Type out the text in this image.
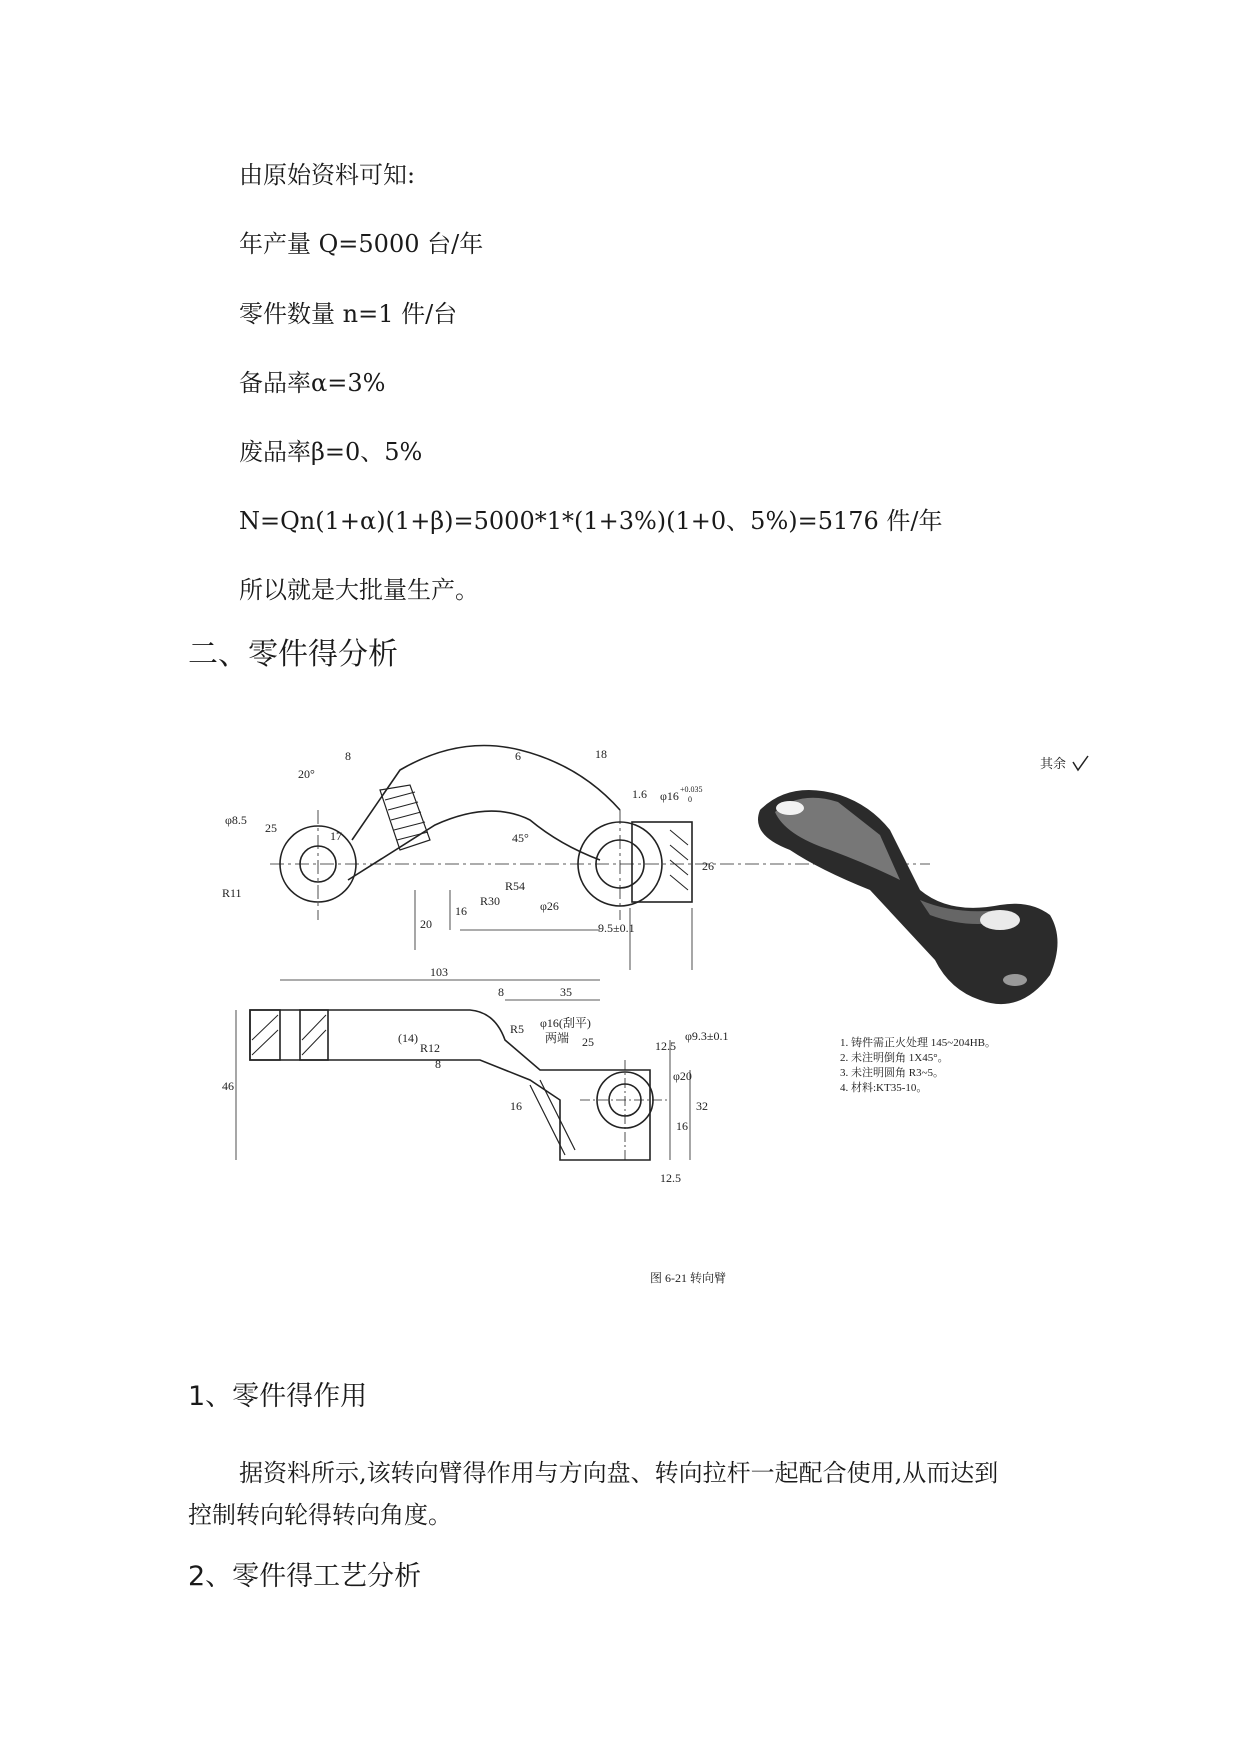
由原始资料可知:
年产量 Q=5000 台/年
零件数量 n=1 件/台
备品率α=3%
废品率β=0、5%
N=Qn(1+α)(1+β)=5000*1*(1+3%)(1+0、5%)=5176 件/年
所以就是大批量生产。
二、零件得分析
20°
8	6	18
φ8.5
25
17	45°
φ16 +0.035
0
1.6
R11
20
16
R30
R54
φ26
26
9.5±0.1
103
8	35
φ16(刮平)
两端
R5
R12
(14)
8
46
φ9.3±0.1
12.5
φ20
16	32
16
12.5
25
其余
1. 铸件需正火处理 145~204HB。
2. 未注明倒角 1X45°。
3. 未注明圆角 R3~5。
4. 材料:KT35-10。
图 6-21 转向臂
1、零件得作用
据资料所示,该转向臂得作用与方向盘、转向拉杆一起配合使用,从而达到
控制转向轮得转向角度。
2、零件得工艺分析
